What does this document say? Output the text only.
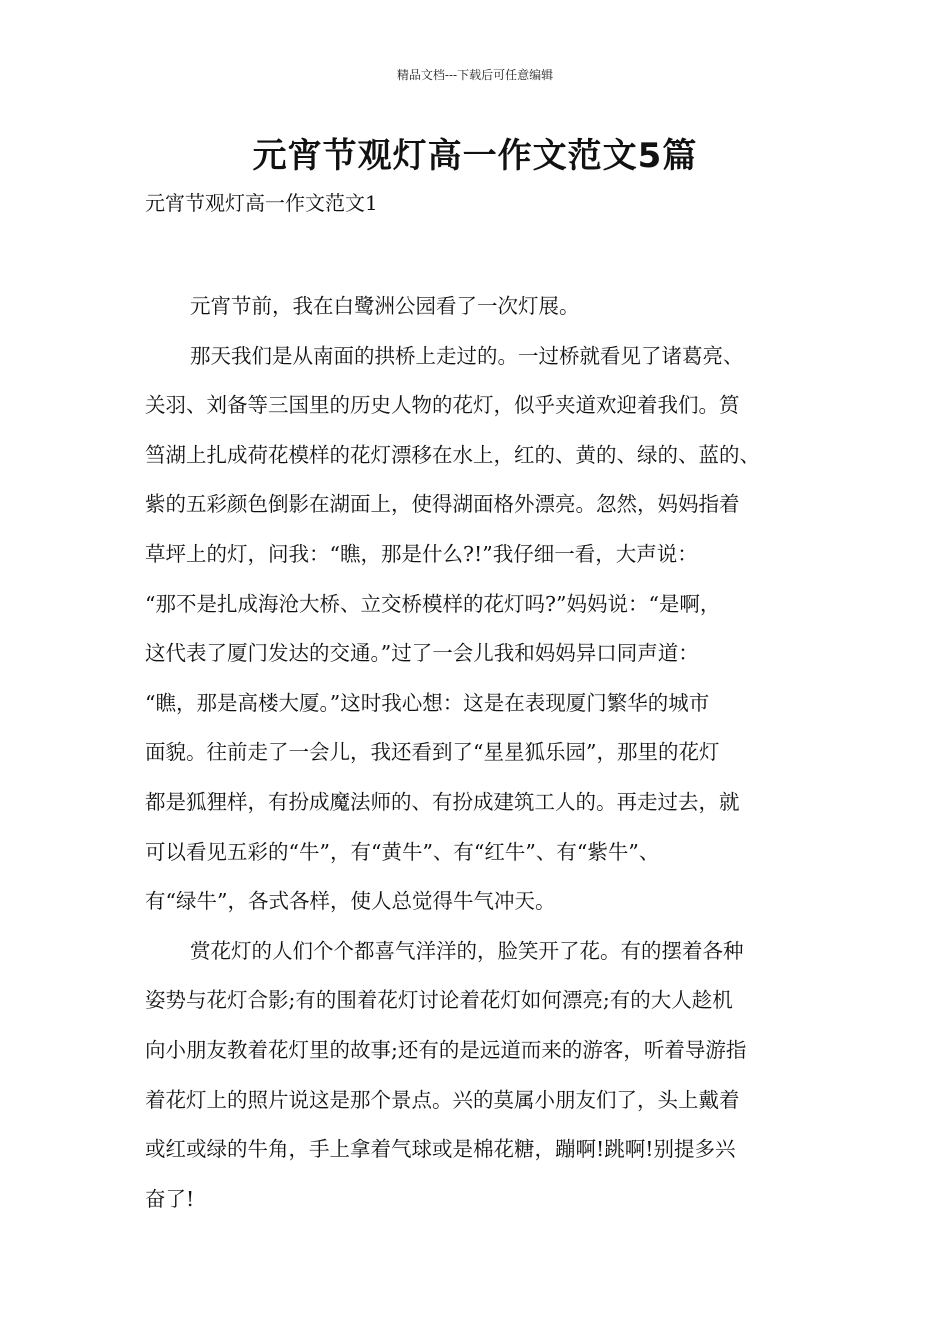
精品文档---下载后可任意编辑
元宵节观灯高一作文范文5篇
元宵节观灯高一作文范文1
元宵节前，我在白鹭洲公园看了一次灯展。
那天我们是从南面的拱桥上走过的。一过桥就看见了诸葛亮、
关羽、刘备等三国里的历史人物的花灯，似乎夹道欢迎着我们。筼
筜湖上扎成荷花模样的花灯漂移在水上，红的、黄的、绿的、蓝的、
紫的五彩颜色倒影在湖面上，使得湖面格外漂亮。忽然，妈妈指着
草坪上的灯，问我：“瞧，那是什么?!”我仔细一看，大声说：
“那不是扎成海沧大桥、立交桥模样的花灯吗?”妈妈说：“是啊，
这代表了厦门发达的交通。”过了一会儿我和妈妈异口同声道：
“瞧，那是高楼大厦。”这时我心想：这是在表现厦门繁华的城市
面貌。往前走了一会儿，我还看到了“星星狐乐园”，那里的花灯
都是狐狸样，有扮成魔法师的、有扮成建筑工人的。再走过去，就
可以看见五彩的“牛”，有“黄牛”、有“红牛”、有“紫牛”、
有“绿牛”，各式各样，使人总觉得牛气冲天。
赏花灯的人们个个都喜气洋洋的，脸笑开了花。有的摆着各种
姿势与花灯合影;有的围着花灯讨论着花灯如何漂亮;有的大人趁机
向小朋友教着花灯里的故事;还有的是远道而来的游客，听着导游指
着花灯上的照片说这是那个景点。兴的莫属小朋友们了，头上戴着
或红或绿的牛角，手上拿着气球或是棉花糖，蹦啊!跳啊!别提多兴
奋了!
